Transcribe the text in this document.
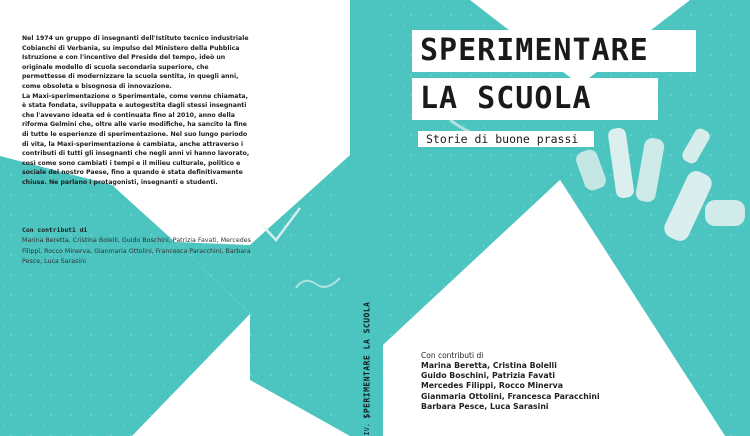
Nel 1974 un gruppo di insegnanti dell'Istituto tecnico industriale Cobianchi di Verbania, su impulso del Ministero della Pubblica Istruzione e con l'incentivo del Preside del tempo, ideò un originale modello di scuola secondaria superiore, che permettesse di modernizzare la scuola sentita, in quegli anni, come obsoleta e bisognosa di innovazione.

La Maxi-sperimentazione o Sperimentale, come venne chiamata, è stata fondata, sviluppata e autogestita dagli stessi insegnanti che l'avevano ideata ed è continuata fino al 2010, anno della riforma Gelmini che, oltre alle varie modifiche, ha sancito la fine di tutte le esperienze di sperimentazione. Nel suo lungo periodo di vita, la Maxi-sperimentazione è cambiata, anche attraverso i contributi di tutti gli insegnanti che negli anni vi hanno lavorato, così come sono cambiati i tempi e il milieu culturale, politico e sociale del nostro Paese, fino a quando è stata definitivamente chiusa. Ne parlano i protagonisti, insegnanti e studenti.

Con contributi di
Marina Beretta, Cristina Bolelli, Guido Boschini, Patrizia Favati, Mercedes Filippi, Rocco Minerva, Gianmaria Ottolini, Francesca Paracchini, Barbara Pesce, Luca Sarasini
SPERIMENTARE LA SCUOLA
IV. |
SPERIMENTARE
LA SCUOLA
Storie di buone prassi
Con contributi di
Marina Beretta, Cristina Bolelli
Guido Boschini, Patrizia Favati
Mercedes Filippi, Rocco Minerva
Gianmaria Ottolini, Francesca Paracchini
Barbara Pesce, Luca Sarasini
